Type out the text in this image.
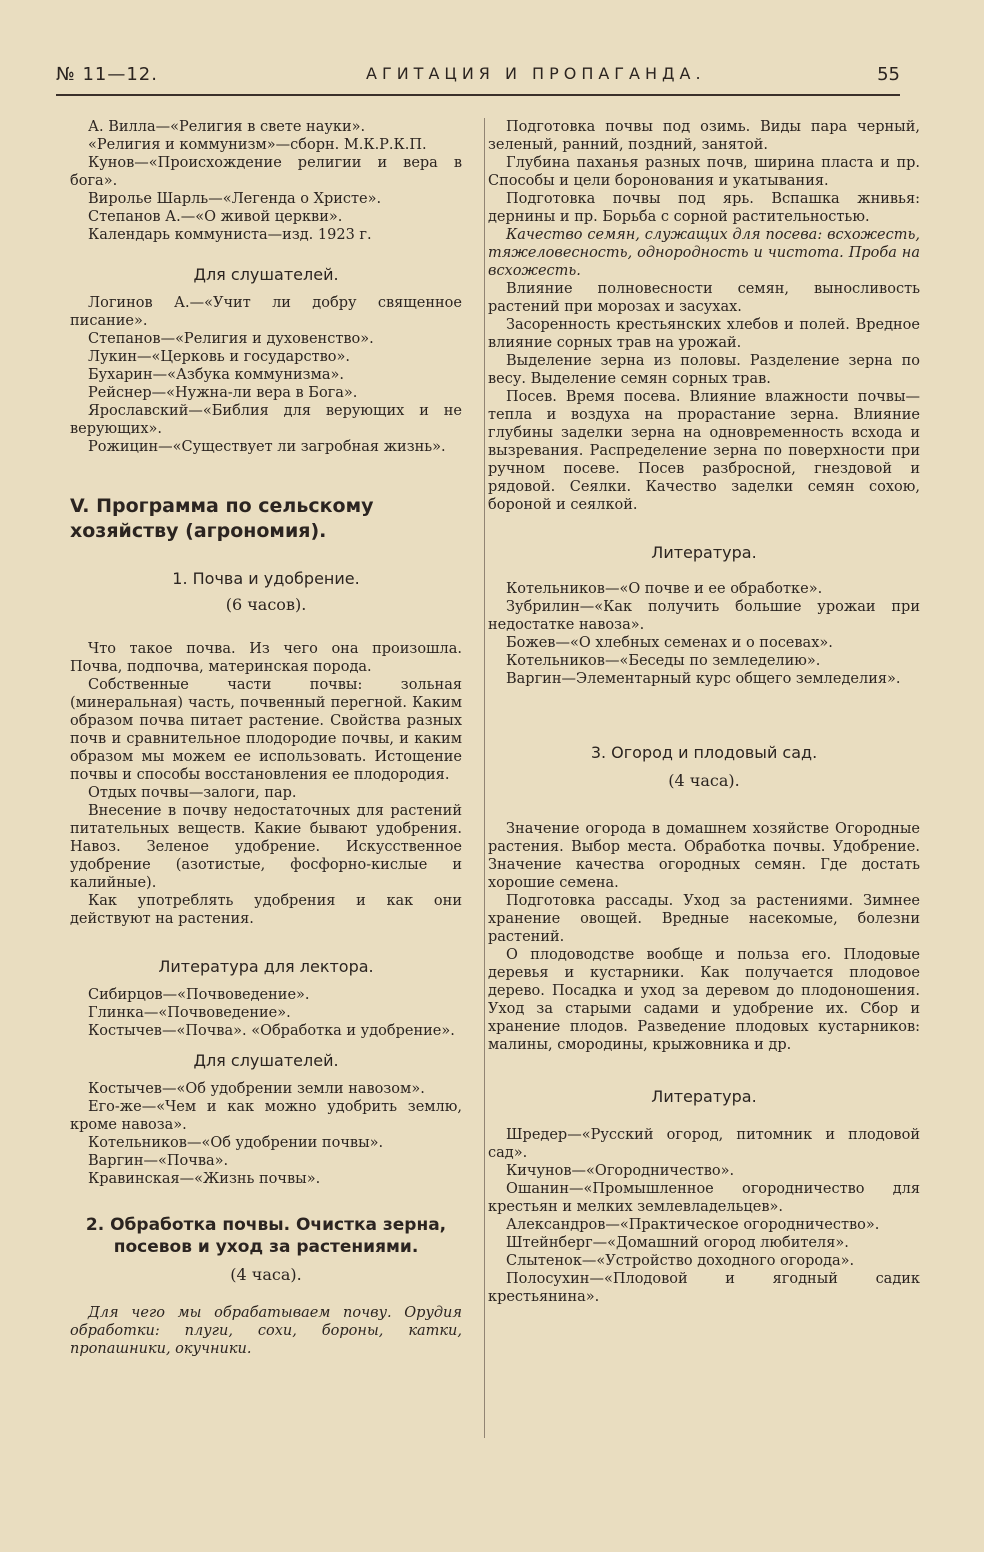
№ 11—12.	АГИТАЦИЯ И ПРОПАГАНДА.	55

А. Вилла—«Религия в свете науки».

«Религия и коммунизм»—сборн. М.К.Р.К.П.

Кунов—«Происхождение религии и вера в бога».

Виролье Шарль—«Легенда о Христе».

Степанов А.—«О живой церкви».

Календарь коммуниста—изд. 1923 г.

Для слушателей.

Логинов А.—«Учит ли добру священное писание».

Степанов—«Религия и духовенство».

Лукин—«Церковь и государство».

Бухарин—«Азбука коммунизма».

Рейснер—«Нужна-ли вера в Бога».

Ярославский—«Библия для верующих и не верующих».

Рожицин—«Существует ли загробная жизнь».

V. Программа по сельскому хозяйству (агрономия).

1. Почва и удобрение.

(6 часов).

Что такое почва. Из чего она произошла. Почва, подпочва, материнская порода.

Собственные части почвы: зольная (минеральная) часть, почвенный перегной. Каким образом почва питает растение. Свойства разных почв и сравнительное плодородие почвы, и каким образом мы можем ее использовать. Истощение почвы и способы восстановления ее плодородия.

Отдых почвы—залоги, пар.

Внесение в почву недостаточных для растений питательных веществ. Какие бывают удобрения. Навоз. Зеленое удобрение. Искусственное удобрение (азотистые, фосфорно-кислые и калийные).

Как употреблять удобрения и как они действуют на растения.

Литература для лектора.

Сибирцов—«Почвоведение».

Глинка—«Почвоведение».

Костычев—«Почва». «Обработка и удобрение».

Для слушателей.

Костычев—«Об удобрении земли навозом».

Его-же—«Чем и как можно удобрить землю, кроме навоза».

Котельников—«Об удобрении почвы».

Варгин—«Почва».

Кравинская—«Жизнь почвы».

2. Обработка почвы. Очистка зерна, посевов и уход за растениями.

(4 часа).

Для чего мы обрабатываем почву. Орудия обработки: плуги, сохи, бороны, катки, пропашники, окучники.

Подготовка почвы под озимь. Виды пара черный, зеленый, ранний, поздний, занятой.

Глубина паханья разных почв, ширина пласта и пр. Способы и цели боронования и укатывания.

Подготовка почвы под ярь. Вспашка жнивья: дернины и пр. Борьба с сорной растительностью.

Качество семян, служащих для посева: всхожесть, тяжеловесность, однородность и чистота. Проба на всхожесть.

Влияние полновесности семян, выносливость растений при морозах и засухах.

Засоренность крестьянских хлебов и полей. Вредное влияние сорных трав на урожай.

Выделение зерна из половы. Разделение зерна по весу. Выделение семян сорных трав.

Посев. Время посева. Влияние влажности почвы—тепла и воздуха на прорастание зерна. Влияние глубины заделки зерна на одновременность всхода и вызревания. Распределение зерна по поверхности при ручном посеве. Посев разбросной, гнездовой и рядовой. Сеялки. Качество заделки семян сохою, бороной и сеялкой.

Литература.

Котельников—«О почве и ее обработке».

Зубрилин—«Как получить большие урожаи при недостатке навоза».

Божев—«О хлебных семенах и о посевах».

Котельников—«Беседы по земледелию».

Варгин—Элементарный курс общего земледелия».

3. Огород и плодовый сад.

(4 часа).

Значение огорода в домашнем хозяйстве Огородные растения. Выбор места. Обработка почвы. Удобрение. Значение качества огородных семян. Где достать хорошие семена.

Подготовка рассады. Уход за растениями. Зимнее хранение овощей. Вредные насекомые, болезни растений.

О плодоводстве вообще и польза его. Плодовые деревья и кустарники. Как получается плодовое дерево. Посадка и уход за деревом до плодоношения. Уход за старыми садами и удобрение их. Сбор и хранение плодов. Разведение плодовых кустарников: малины, смородины, крыжовника и др.

Литература.

Шредер—«Русский огород, питомник и плодовой сад».

Кичунов—«Огородничество».

Ошанин—«Промышленное огородничество для крестьян и мелких землевладельцев».

Александров—«Практическое огородничество».

Штейнберг—«Домашний огород любителя».

Слытенок—«Устройство доходного огорода».

Полосухин—«Плодовой и ягодный садик крестьянина».
